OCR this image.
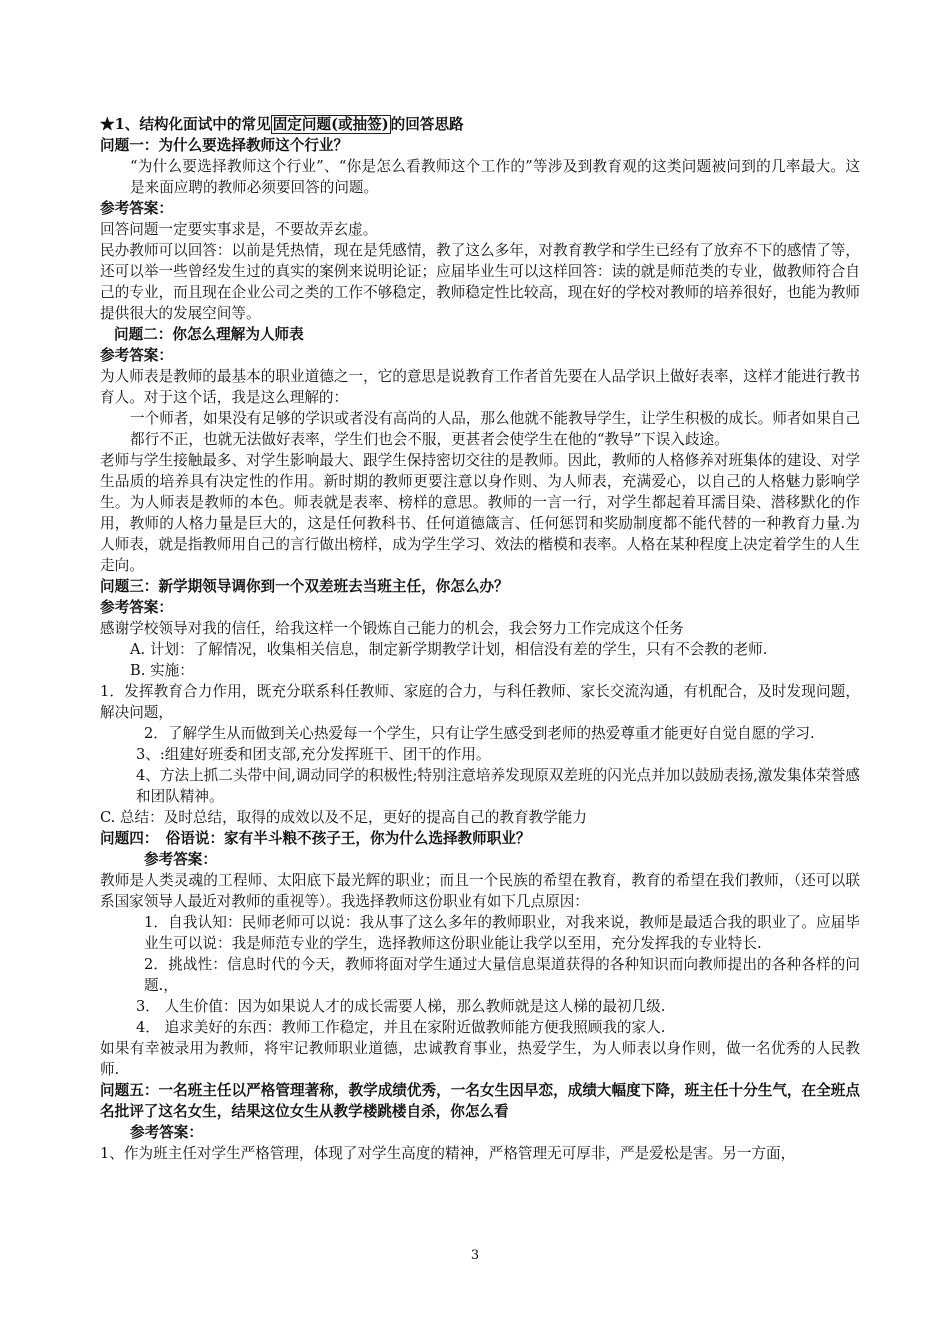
★1、结构化面试中的常见 固定问题(或抽签) 的回答思路

问题一：为什么要选择教师这个行业？

“为什么要选择教师这个行业”、“你是怎么看教师这个工作的”等涉及到教育观的这类问题被问到的几率最大。这是来面应聘的教师必须要回答的问题。

参考答案：

回答问题一定要实事求是，不要故弄玄虚。

民办教师可以回答：以前是凭热情，现在是凭感情，教了这么多年，对教育教学和学生已经有了放弃不下的感情了等，还可以举一些曾经发生过的真实的案例来说明论证；应届毕业生可以这样回答：读的就是师范类的专业，做教师符合自己的专业，而且现在企业公司之类的工作不够稳定，教师稳定性比较高，现在好的学校对教师的培养很好，也能为教师提供很大的发展空间等。

问题二：你怎么理解为人师表

参考答案：

为人师表是教师的最基本的职业道德之一，它的意思是说教育工作者首先要在人品学识上做好表率，这样才能进行教书育人。对于这个话，我是这么理解的：

一个师者，如果没有足够的学识或者没有高尚的人品，那么他就不能教导学生，让学生积极的成长。师者如果自己都行不正，也就无法做好表率，学生们也会不服，更甚者会使学生在他的“教导”下误入歧途。

老师与学生接触最多、对学生影响最大、跟学生保持密切交往的是教师。因此，教师的人格修养对班集体的建设、对学生品质的培养具有决定性的作用。新时期的教师更要注意以身作则、为人师表，充满爱心，以自己的人格魅力影响学生。为人师表是教师的本色。师表就是表率、榜样的意思。教师的一言一行，对学生都起着耳濡目染、潜移默化的作用，教师的人格力量是巨大的，这是任何教科书、任何道德箴言、任何惩罚和奖励制度都不能代替的一种教育力量.为人师表，就是指教师用自己的言行做出榜样，成为学生学习、效法的楷模和表率。人格在某种程度上决定着学生的人生走向。

问题三：新学期领导调你到一个双差班去当班主任，你怎么办？

参考答案：

感谢学校领导对我的信任，给我这样一个锻炼自己能力的机会，我会努力工作完成这个任务

A. 计划：了解情况，收集相关信息，制定新学期教学计划，相信没有差的学生，只有不会教的老师.

B. 实施：

1．发挥教育合力作用，既充分联系科任教师、家庭的合力，与科任教师、家长交流沟通，有机配合，及时发现问题，解决问题，

2．了解学生从而做到关心热爱每一个学生，只有让学生感受到老师的热爱尊重才能更好自觉自愿的学习.

3、:组建好班委和团支部,充分发挥班干、团干的作用。

4、方法上抓二头带中间,调动同学的积极性;特别注意培养发现原双差班的闪光点并加以鼓励表扬,激发集体荣誉感和团队精神。

C. 总结：及时总结，取得的成效以及不足，更好的提高自己的教育教学能力

问题四：　俗语说：家有半斗粮不孩子王，你为什么选择教师职业？

参考答案：

教师是人类灵魂的工程师、太阳底下最光辉的职业；而且一个民族的希望在教育，教育的希望在我们教师，（还可以联系国家领导人最近对教师的重视等）。我选择教师这份职业有如下几点原因：

1．自我认知：民师老师可以说：我从事了这么多年的教师职业，对我来说，教师是最适合我的职业了。应届毕业生可以说：我是师范专业的学生，选择教师这份职业能让我学以至用，充分发挥我的专业特长.

2．挑战性：信息时代的今天，教师将面对学生通过大量信息渠道获得的各种知识而向教师提出的各种各样的问题.，

3． 人生价值：因为如果说人才的成长需要人梯，那么教师就是这人梯的最初几级.

4． 追求美好的东西：教师工作稳定，并且在家附近做教师能方便我照顾我的家人.

如果有幸被录用为教师，将牢记教师职业道德，忠诚教育事业，热爱学生，为人师表以身作则，做一名优秀的人民教师.

问题五：一名班主任以严格管理著称，教学成绩优秀，一名女生因早恋，成绩大幅度下降，班主任十分生气，在全班点名批评了这名女生，结果这位女生从教学楼跳楼自杀，你怎么看

参考答案：

1、作为班主任对学生严格管理，体现了对学生高度的精神，严格管理无可厚非，严是爱松是害。另一方面，

3
